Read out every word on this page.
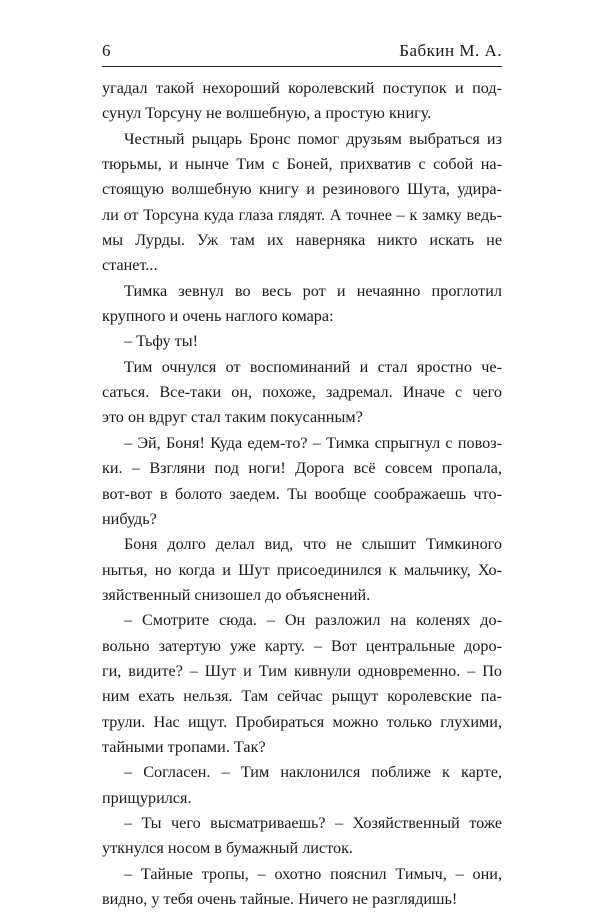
6	Бабкин М. А.
угадал такой нехороший королевский поступок и под-
сунул Торсуну не волшебную, а простую книгу.
Честный рыцарь Бронс помог друзьям выбраться из
тюрьмы, и нынче Тим с Боней, прихватив с собой на-
стоящую волшебную книгу и резинового Шута, удира-
ли от Торсуна куда глаза глядят. А точнее – к замку ведь-
мы Лурды. Уж там их наверняка никто искать не
станет...
Тимка зевнул во весь рот и нечаянно проглотил
крупного и очень наглого комара:
– Тьфу ты!
Тим очнулся от воспоминаний и стал яростно че-
саться. Все-таки он, похоже, задремал. Иначе с чего
это он вдруг стал таким покусанным?
– Эй, Боня! Куда едем-то? – Тимка спрыгнул с повоз-
ки. – Взгляни под ноги! Дорога всё совсем пропала,
вот-вот в болото заедем. Ты вообще соображаешь что-
нибудь?
Боня долго делал вид, что не слышит Тимкиного
нытья, но когда и Шут присоединился к мальчику, Хо-
зяйственный снизошел до объяснений.
– Смотрите сюда. – Он разложил на коленях до-
вольно затертую уже карту. – Вот центральные доро-
ги, видите? – Шут и Тим кивнули одновременно. – По
ним ехать нельзя. Там сейчас рыщут королевские па-
трули. Нас ищут. Пробираться можно только глухими,
тайными тропами. Так?
– Согласен. – Тим наклонился поближе к карте,
прищурился.
– Ты чего высматриваешь? – Хозяйственный тоже
уткнулся носом в бумажный листок.
– Тайные тропы, – охотно пояснил Тимыч, – они,
видно, у тебя очень тайные. Ничего не разглядишь!
